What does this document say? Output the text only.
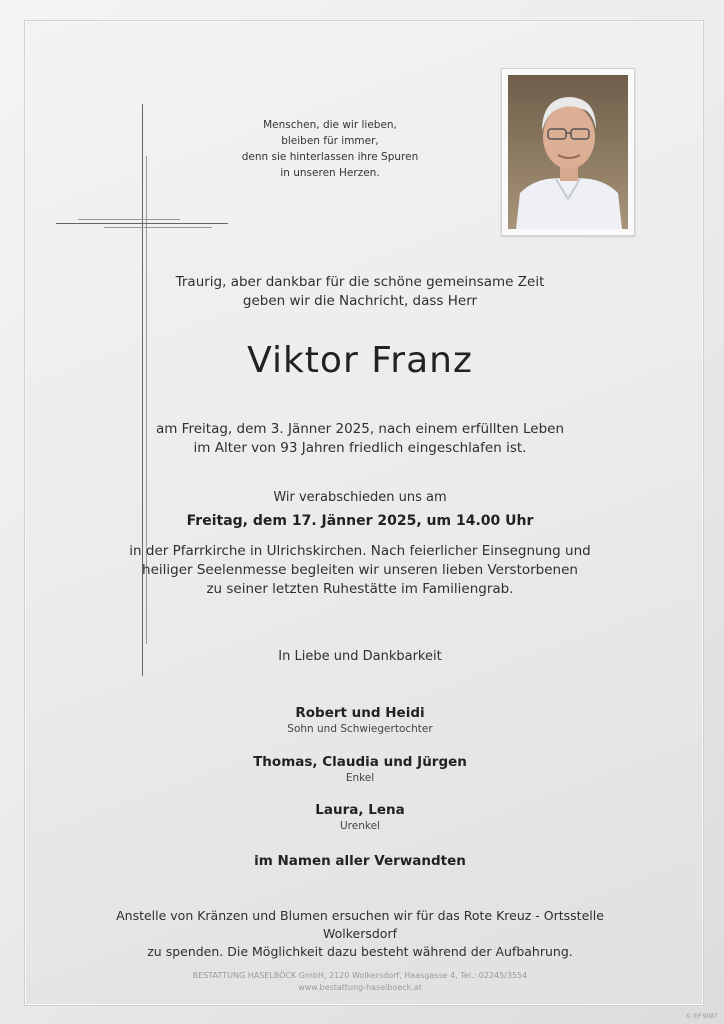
Menschen, die wir lieben,
bleiben für immer,
denn sie hinterlassen ihre Spuren
in unseren Herzen.
Traurig, aber dankbar für die schöne gemeinsame Zeit
geben wir die Nachricht, dass Herr
Viktor Franz
am Freitag, dem 3. Jänner 2025, nach einem erfüllten Leben
im Alter von 93 Jahren friedlich eingeschlafen ist.
Wir verabschieden uns am
Freitag, dem 17. Jänner 2025, um 14.00 Uhr
in der Pfarrkirche in Ulrichskirchen. Nach feierlicher Einsegnung und
heiliger Seelenmesse begleiten wir unseren lieben Verstorbenen
zu seiner letzten Ruhestätte im Familiengrab.
In Liebe und Dankbarkeit
Robert und Heidi
Sohn und Schwiegertochter
Thomas, Claudia und Jürgen
Enkel
Laura, Lena
Urenkel
im Namen aller Verwandten
Anstelle von Kränzen und Blumen ersuchen wir für das Rote Kreuz - Ortsstelle Wolkersdorf
zu spenden. Die Möglichkeit dazu besteht während der Aufbahrung.
BESTATTUNG HASELBÖCK GmbH, 2120 Wolkersdorf, Haasgasse 4, Tel.: 02245/3554
www.bestattung-haselboeck.at
© EP 9087
